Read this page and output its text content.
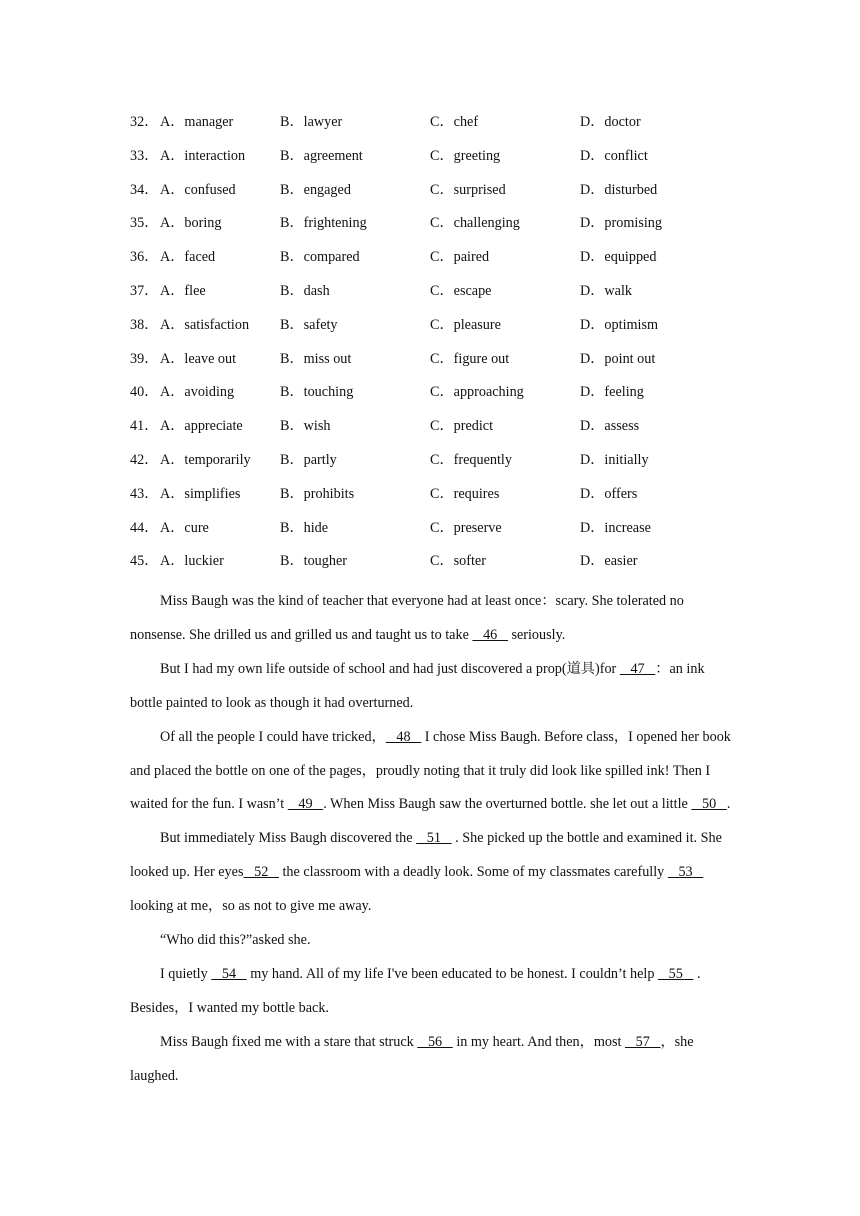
32． A．manager	B．lawyer	C．chef	D．doctor
33． A．interaction B．agreement	C．greeting	D．conflict
34． A．confused	B．engaged	C．surprised	D．disturbed
35． A．boring	B．frightening	C．challenging	D．promising
36． A．faced	B．compared	C．paired	D．equipped
37． A．flee	B．dash	C．escape	D．walk
38． A．satisfaction B．safety	C．pleasure	D．optimism
39． A．leave out	B．miss out	C．figure out	D．point out
40． A．avoiding	B．touching	C．approaching	D．feeling
41． A．appreciate	B．wish	C．predict	D．assess
42． A．temporarily B．partly	C．frequently	D．initially
43． A．simplifies	B．prohibits	C．requires	D．offers
44． A．cure	B．hide	C．preserve	D．increase
45． A．luckier	B．tougher	C．softer	D．easier

Miss Baugh was the kind of teacher that everyone had at least once：scary. She tolerated no nonsense. She drilled us and grilled us and taught us to take    46    seriously.

But I had my own life outside of school and had just discovered a prop(道具)for    47   ：an ink bottle painted to look as though it had overturned.

Of all the people I could have tricked，   48    I chose Miss Baugh. Before class，I opened her book and placed the bottle on one of the pages，proudly noting that it truly did look like spilled ink! Then I waited for the fun. I wasn’t    49   . When Miss Baugh saw the overturned bottle. she let out a little    50   .

But immediately Miss Baugh discovered the    51    . She picked up the bottle and examined it. She looked up. Her eyes   52    the classroom with a deadly look. Some of my classmates carefully    53    looking at me，so as not to give me away.

“Who did this?”asked she.

I quietly    54    my hand. All of my life I've been educated to be honest. I couldn’t help    55    . Besides，I wanted my bottle back.

Miss Baugh fixed me with a stare that struck    56    in my heart. And then，most    57   ，she laughed.
